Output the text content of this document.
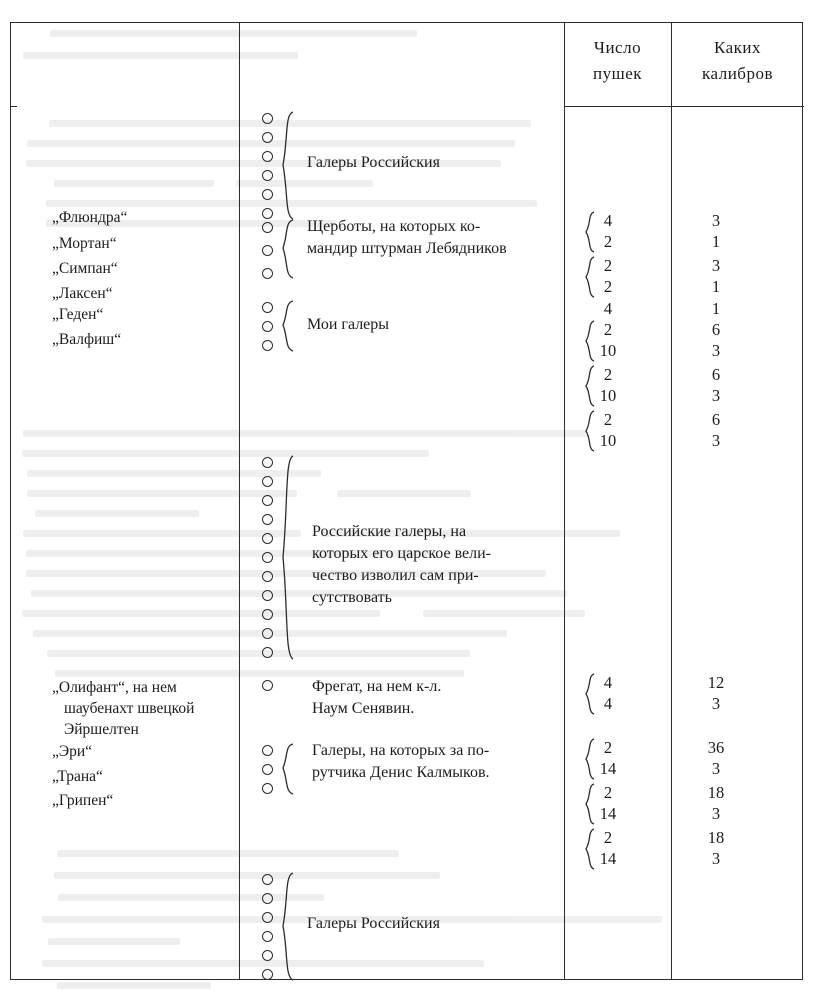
Число
пушек
Каких
калибров
Галеры Российския
„Флюндра“
„Мортан“
„Симпан“
„Лаксен“
Щерботы, на которых ко-
мандир штурман Лебядников
4
2
3
1
2
2
3
1
„Геден“
„Валфиш“
Мои галеры
4	1
2
10
6
3
2
10
6
3
2
10
6
3
Российские галеры, на
которых его царское вели-
чество изволил сам при-
сутствовать
„Олифант“, на нем
шаубенахт швецкой
Эйршелтен
Фрегат, на нем к-л.
Наум Сенявин.
4
4
12
3
„Эри“
„Трана“
„Грипен“
Галеры, на которых за по-
рутчика Денис Калмыков.
2
14
36
3
2
14
18
3
2
14
18
3
Галеры Российския
